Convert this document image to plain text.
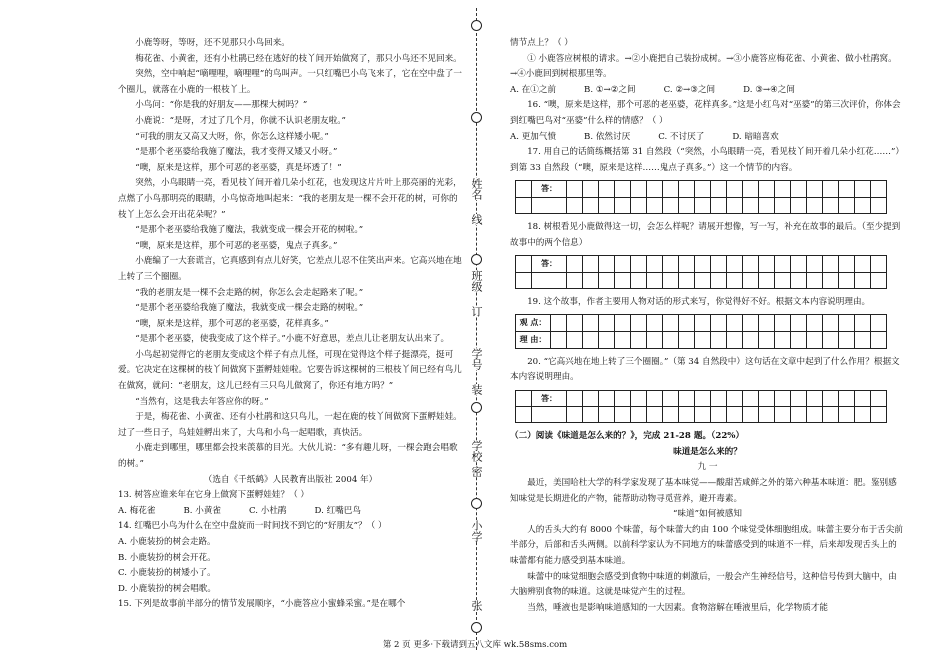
小鹿等呀，等呀，还不见那只小鸟回来。

梅花雀、小黄雀，还有小杜鹃已经在逃好的枝丫间开始做窝了，那只小鸟还不见回来。

突然，空中响起“嘀哩哩，嘀哩哩”的鸟叫声。一只红嘴巴小鸟飞来了，它在空中盘了一个圈儿，就落在小鹿的一根枝丫上。

小鸟问：“你是我的好朋友——那棵大树吗？”

小鹿说：“是呀，才过了几个月，你就不认识老朋友啦。”

“可我的朋友又高又大呀，你，你怎么这样矮小呢。”

“是那个老巫婆给我施了魔法，我才变得又矮又小呀。”

“噢，原来是这样，那个可恶的老巫婆，真是坏透了！”

突然，小鸟眼睛一亮，看见枝丫间开着几朵小红花，也发现这片片叶上那亮丽的光彩，点燃了小鸟那明亮的眼睛，小鸟惊奇地叫起来：“我的老朋友是一棵不会开花的树，可你的枝丫上怎么会开出花朵呢？”

“是那个老巫婆给我施了魔法，我就变成一棵会开花的树啦。”

“噢，原来是这样，那个可恶的老巫婆，鬼点子真多。”

小鹿编了一大套谎言，它真感到有点儿好笑，它差点儿忍不住笑出声来。它高兴地在地上转了三个圈圈。

“我的老朋友是一棵不会走路的树，你怎么会走起路来了呢。”

“是那个老巫婆给我施了魔法，我就变成一棵会走路的树啦。”

“噢，原来是这样，那个可恶的老巫婆，花样真多。”

“是那个老巫婆，使我变成了这个样子。”小鹿不好意思，差点儿让老朋友认出来了。

小鸟起初觉得它的老朋友变成这个样子有点儿怪，可现在觉得这个样子挺漂亮，挺可爱。它决定在这棵树的枝丫间做窝下蛋孵娃娃啦。它要告诉这棵树的三根枝丫间已经有鸟儿在做窝，就问：“老朋友，这儿已经有三只鸟儿做窝了，你还有地方吗？”

“当然有，这是我去年答应你的呀。”

于是，梅花雀、小黄雀、还有小杜鹃和这只鸟儿，一起在鹿的枝丫间做窝下蛋孵娃娃。过了一些日子，鸟娃娃孵出来了，大鸟和小鸟一起唱歌，真快活。

小鹿走到哪里，哪里都会投来羡慕的目光。大伙儿说：“多有趣儿呀，一棵会跑会唱歌的树。”

（选自《千纸鹤》人民教育出版社 2004 年）

13. 树答应谁来年在它身上做窝下蛋孵娃娃？（ ）

A. 梅花雀	B. 小黄雀	C. 小杜鹃	D. 红嘴巴鸟

14. 红嘴巴小鸟为什么在空中盘旋而一时间找不到它的“好朋友”？（ ）

A. 小鹿装扮的树会走路。

B. 小鹿装扮的树会开花。

C. 小鹿装扮的树矮小了。

D. 小鹿装扮的树会唱歌。

15. 下列是故事前半部分的情节发展顺序，“小鹿答应小蜜蜂采蜜。”是在哪个

姓名
线
班级
订
学号
装
学校
密
小学
张

情节点上？（ ）

① 小鹿答应树根的请求。→②小鹿把自己装扮成树。→③小鹿答应梅花雀、小黄雀、做小杜鹃窝。→④小鹿回到树根那里等。

A. 在①之前	B. ①→②之间	C. ②→③之间	D. ③→④之间

16. “噢，原来是这样，那个可恶的老巫婆，花样真多。”这是小红鸟对“巫婆”的第三次评价，你体会到红嘴巴鸟对“巫婆”什么样的情感？（ ）

A. 更加气愤	B. 依然讨厌	C. 不讨厌了	D. 暗暗喜欢

17. 用自己的话简练概括第 31 自然段（“突然，小鸟眼睛一亮，看见枝丫间开着几朵小红花……”）到第 33 自然段（“噢，原来是这样……鬼点子真多。”）这一个情节的内容。

	答：																				

18. 树根看见小鹿做得这一切，会怎么样呢？请展开想像，写一写，补充在故事的最后。（至少提到故事中的两个信息）

	答：																				

19. 这个故事，作者主要用人物对话的形式来写，你觉得好不好。根据文本内容说明理由。

观 点：																					
理 由：																					

20. “它高兴地在地上转了三个圈圈。”（第 34 自然段中）这句话在文章中起到了什么作用？根据文本内容说明理由。

	答：																				

（二）阅读《味道是怎么来的？》，完成 21-28 题。（22%）

味道是怎么来的？

九 一

最近，美国哈杜大学的科学家发现了基本味觉——酸甜苦咸鲜之外的第六种基本味道：肥。鉴别感知味觉是长期进化的产物，能帮助动物寻觅营养，避开毒素。

“味道”如何被感知

人的舌头大约有 8000 个味蕾，每个味蕾大约由 100 个味觉受体细胞组成。味蕾主要分布于舌尖前半部分，后部和舌头两侧。以前科学家认为不同地方的味蕾感受到的味道不一样，后来却发现舌头上的味蕾都有能力感受到基本味道。

味蕾中的味觉细胞会感受到食物中味道的刺激后，一般会产生神经信号，这种信号传到大脑中，由大脑辨别食物的味道。这就是味觉产生的过程。

当然，唾液也是影响味道感知的一大因素。食物溶解在唾液里后，化学物质才能

第 2 页 更多·下载请到五八文库 wk.58sms.com
